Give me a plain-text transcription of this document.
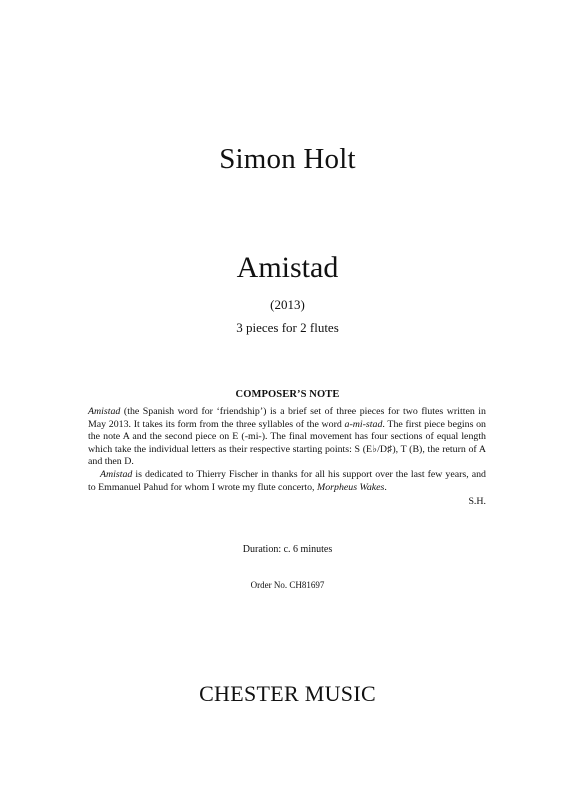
Simon Holt
Amistad
(2013)
3 pieces for 2 flutes
COMPOSER’S NOTE

Amistad (the Spanish word for ‘friendship’) is a brief set of three pieces for two flutes written in May 2013. It takes its form from the three syllables of the word a-mi-stad. The first piece begins on the note A and the second piece on E (-mi-). The final movement has four sections of equal length which take the individual letters as their respective starting points: S (E♭/D♯), T (B), the return of A and then D.

Amistad is dedicated to Thierry Fischer in thanks for all his support over the last few years, and to Emmanuel Pahud for whom I wrote my flute concerto, Morpheus Wakes.

S.H.
Duration: c. 6 minutes
Order No. CH81697
CHESTER MUSIC
